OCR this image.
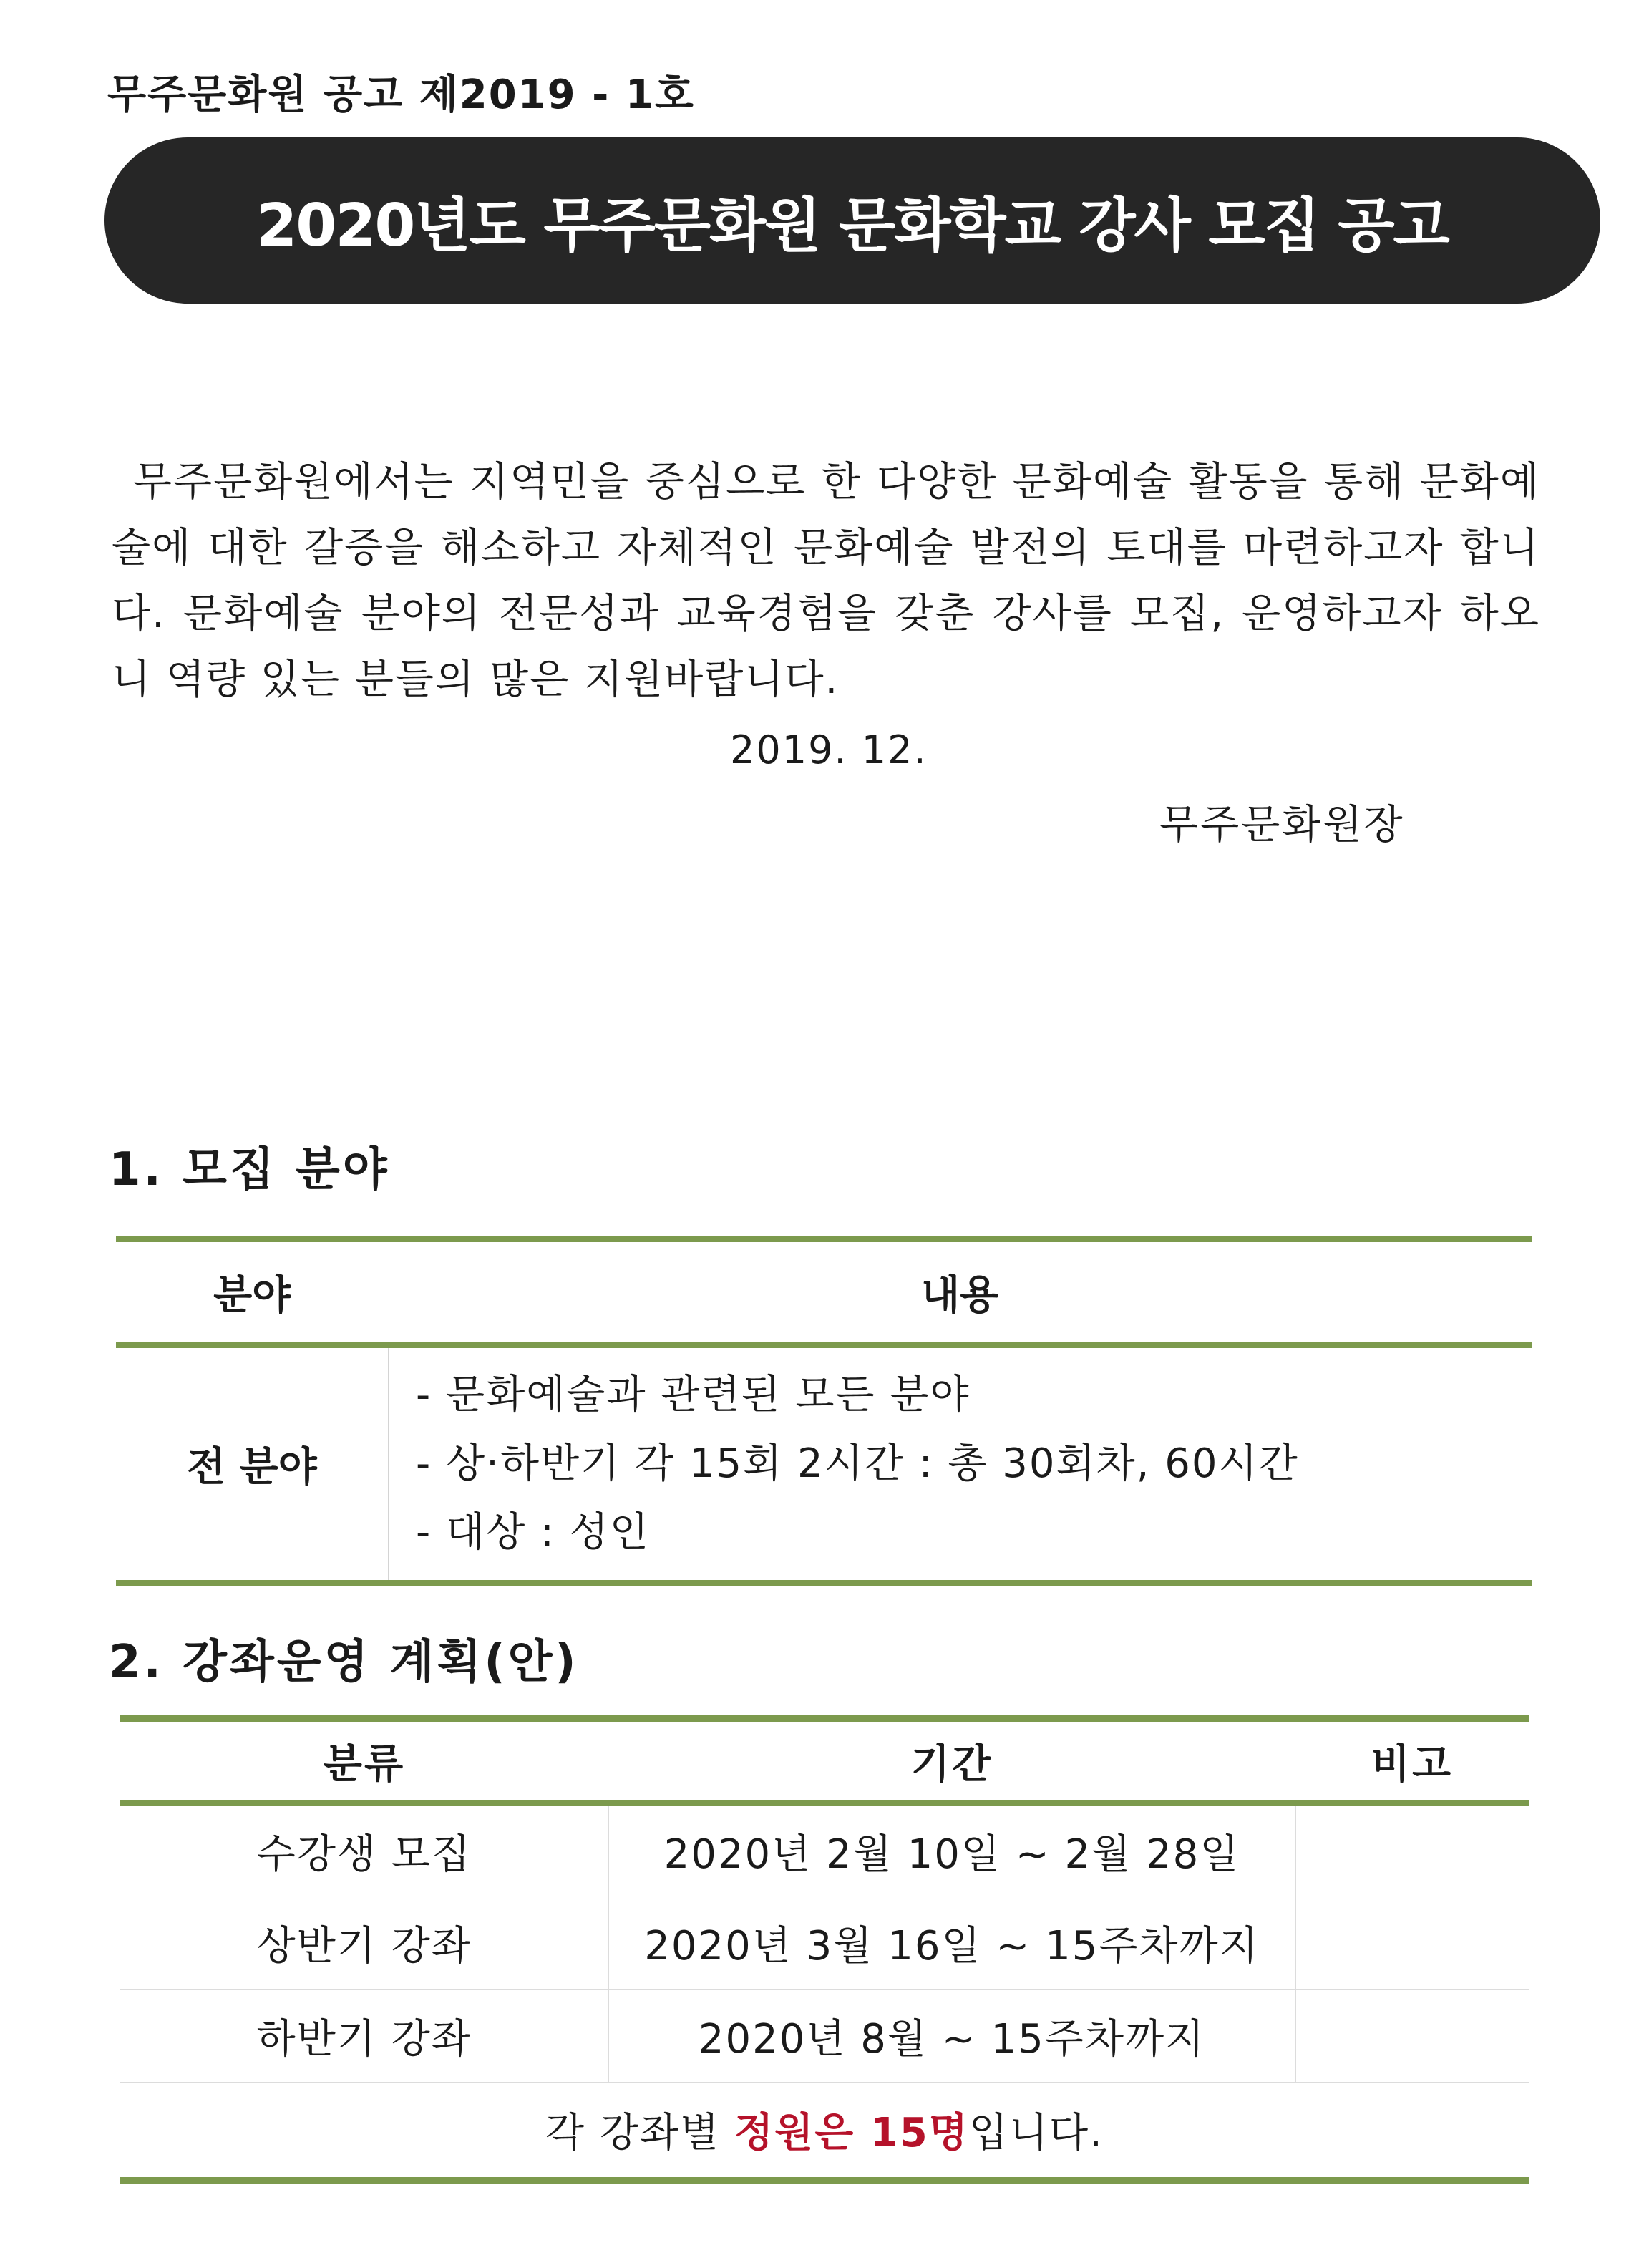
무주문화원 공고 제2019 - 1호
2020년도 무주문화원 문화학교 강사 모집 공고

무주문화원에서는 지역민을 중심으로 한 다양한 문화예술 활동을 통해 문화예술에 대한 갈증을 해소하고 자체적인 문화예술 발전의 토대를 마련하고자 합니다. 문화예술 분야의 전문성과 교육경험을 갖춘 강사를 모집, 운영하고자 하오니 역량 있는 분들의 많은 지원바랍니다.

2019. 12.
무주문화원장
1. 모집 분야
분야	내용
전 분야	- 문화예술과 관련된 모든 분야
- 상·하반기 각 15회 2시간 : 총 30회차, 60시간
- 대상 : 성인
2. 강좌운영 계획(안)
분류	기간	비고
수강생 모집	2020년 2월 10일 ~ 2월 28일	
상반기 강좌	2020년 3월 16일 ~ 15주차까지	
하반기 강좌	2020년 8월 ~ 15주차까지	
각 강좌별 정원은 15명입니다.		
